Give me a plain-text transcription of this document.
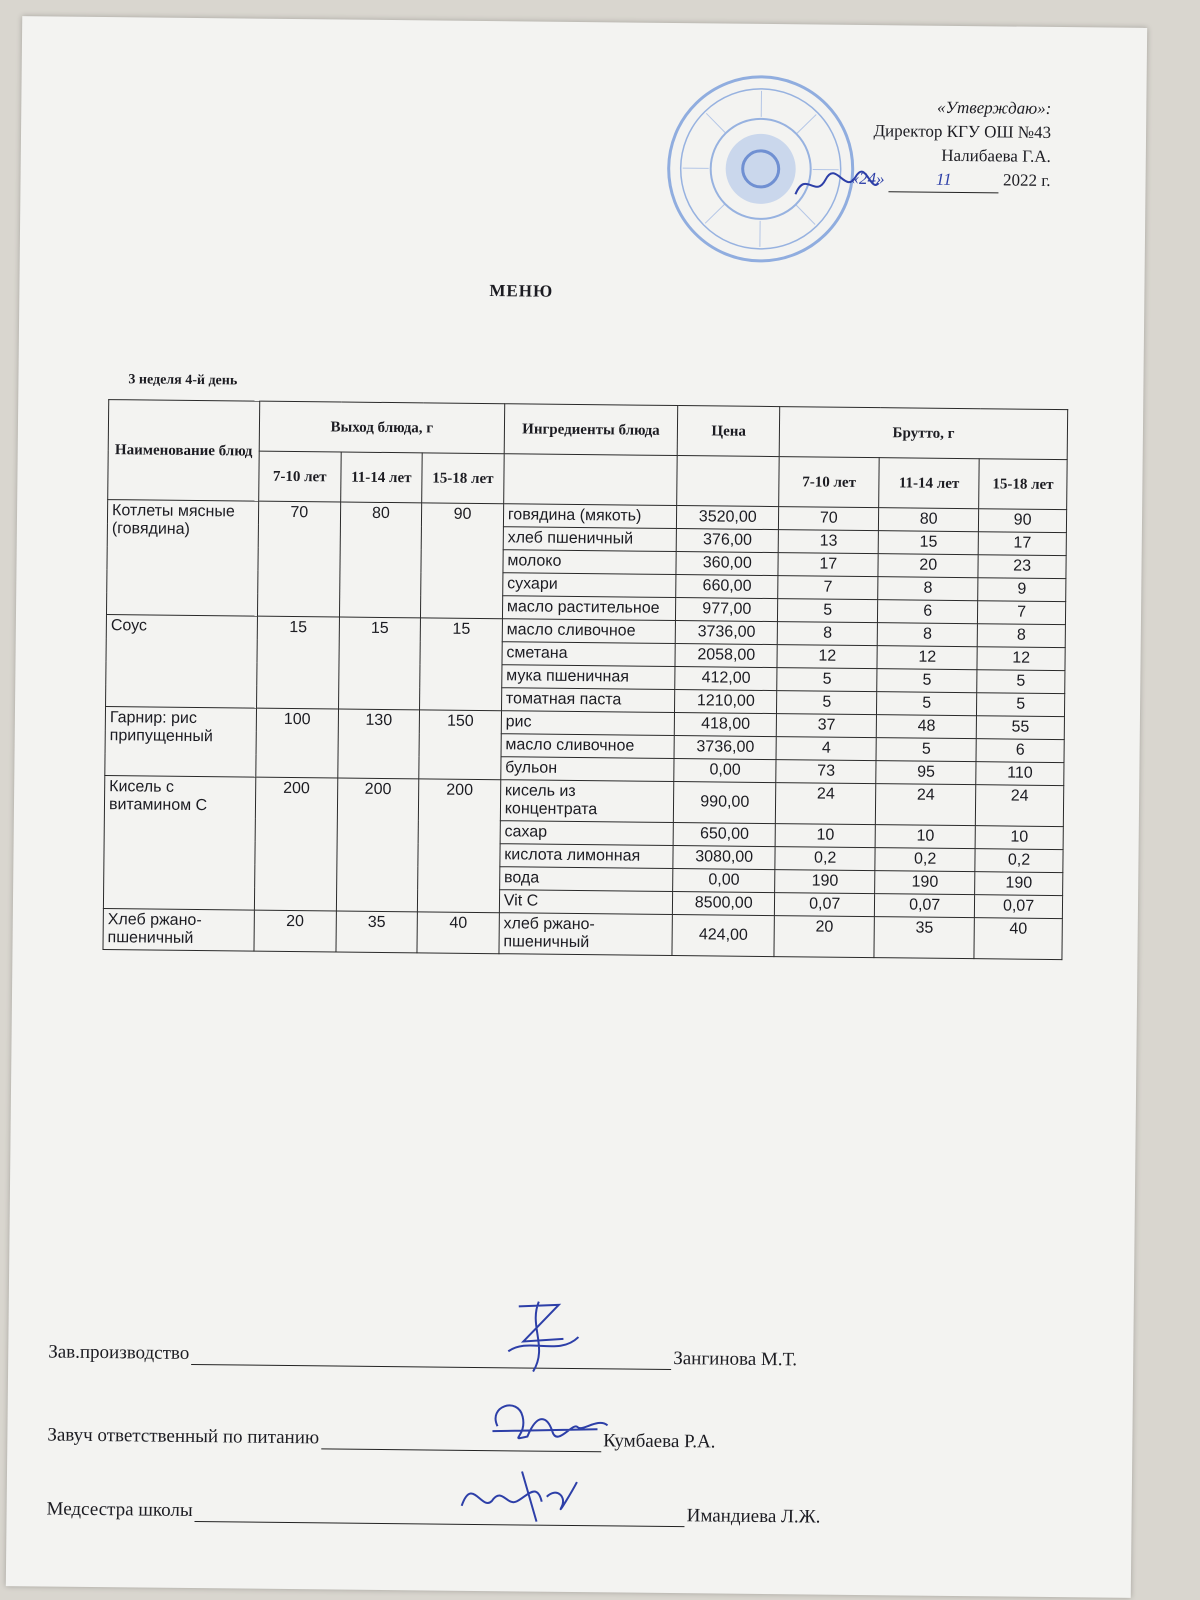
«Утверждаю»:
Директор КГУ ОШ №43
Налибаева Г.А.
«24»	11	2022 г.
МЕНЮ
3 неделя 4-й день
Наименование блюд	Выход блюда, г			Ингредиенты блюда	Цена	Брутто, г		
	7-10 лет	11-14 лет	15-18 лет			7-10 лет	11-14 лет	15-18 лет
Котлеты мясные (говядина)	70	80	90	говядина (мякоть)	3520,00	70	80	90
				хлеб пшеничный	376,00	13	15	17
				молоко	360,00	17	20	23
				сухари	660,00	7	8	9
				масло растительное	977,00	5	6	7
Соус	15	15	15	масло сливочное	3736,00	8	8	8
				сметана	2058,00	12	12	12
				мука пшеничная	412,00	5	5	5
				томатная паста	1210,00	5	5	5
Гарнир: рис припущенный	100	130	150	рис	418,00	37	48	55
				масло сливочное	3736,00	4	5	6
				бульон	0,00	73	95	110
Кисель с витамином С	200	200	200	кисель из концентрата	990,00	24	24	24
				сахар	650,00	10	10	10
				кислота лимонная	3080,00	0,2	0,2	0,2
				вода	0,00	190	190	190
				Vit C	8500,00	0,07	0,07	0,07
Хлеб ржано-пшеничный	20	35	40	хлеб ржано-пшеничный	424,00	20	35	40
Зав.производство	Зангинова М.Т.
Завуч ответственный по питанию	Кумбаева Р.А.
Медсестра школы	Имандиева Л.Ж.
